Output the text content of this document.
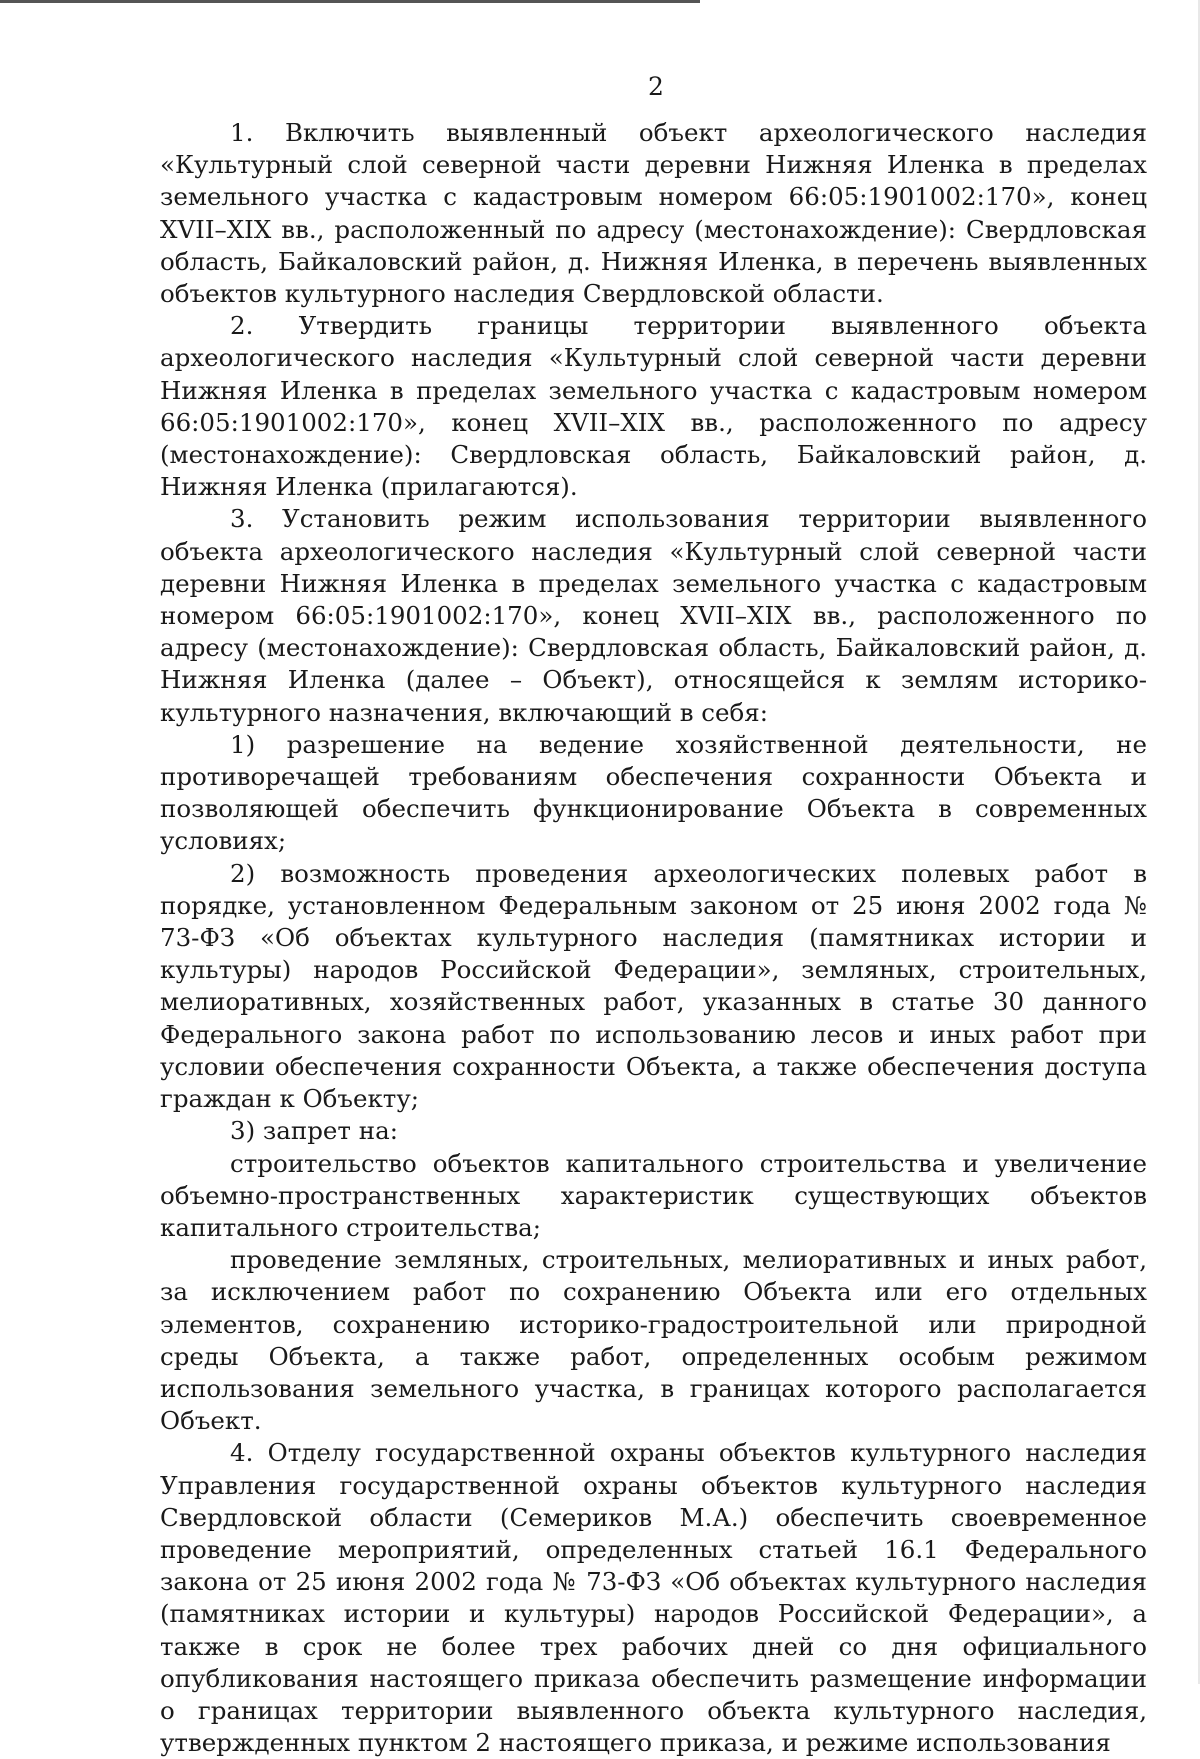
2

1. Включить выявленный объект археологического наследия «Культурный слой северной части деревни Нижняя Иленка в пределах земельного участка с кадастровым номером 66:05:1901002:170», конец XVII–XIX вв., расположенный по адресу (местонахождение): Свердловская область, Байкаловский район, д. Нижняя Иленка, в перечень выявленных объектов культурного наследия Свердловской области.

2. Утвердить границы территории выявленного объекта археологического наследия «Культурный слой северной части деревни Нижняя Иленка в пределах земельного участка с кадастровым номером 66:05:1901002:170», конец XVII–XIX вв., расположенного по адресу (местонахождение): Свердловская область, Байкаловский район, д. Нижняя Иленка (прилагаются).

3. Установить режим использования территории выявленного объекта археологического наследия «Культурный слой северной части деревни Нижняя Иленка в пределах земельного участка с кадастровым номером 66:05:1901002:170», конец XVII–XIX вв., расположенного по адресу (местонахождение): Свердловская область, Байкаловский район, д. Нижняя Иленка (далее – Объект), относящейся к землям историко-культурного назначения, включающий в себя:

1) разрешение на ведение хозяйственной деятельности, не противоречащей требованиям обеспечения сохранности Объекта и позволяющей обеспечить функционирование Объекта в современных условиях;

2) возможность проведения археологических полевых работ в порядке, установленном Федеральным законом от 25 июня 2002 года № 73-ФЗ «Об объектах культурного наследия (памятниках истории и культуры) народов Российской Федерации», земляных, строительных, мелиоративных, хозяйственных работ, указанных в статье 30 данного Федерального закона работ по использованию лесов и иных работ при условии обеспечения сохранности Объекта, а также обеспечения доступа граждан к Объекту;

3) запрет на:

строительство объектов капитального строительства и увеличение объемно-пространственных характеристик существующих объектов капитального строительства;

проведение земляных, строительных, мелиоративных и иных работ, за исключением работ по сохранению Объекта или его отдельных элементов, сохранению историко-градостроительной или природной среды Объекта, а также работ, определенных особым режимом использования земельного участка, в границах которого располагается Объект.

4. Отделу государственной охраны объектов культурного наследия Управления государственной охраны объектов культурного наследия Свердловской области (Семериков М.А.) обеспечить своевременное проведение мероприятий, определенных статьей 16.1 Федерального закона от 25 июня 2002 года № 73-ФЗ «Об объектах культурного наследия (памятниках истории и культуры) народов Российской Федерации», а также в срок не более трех рабочих дней со дня официального опубликования настоящего приказа обеспечить размещение информации о границах территории выявленного объекта культурного наследия, утвержденных пунктом 2 настоящего приказа, и режиме использования
